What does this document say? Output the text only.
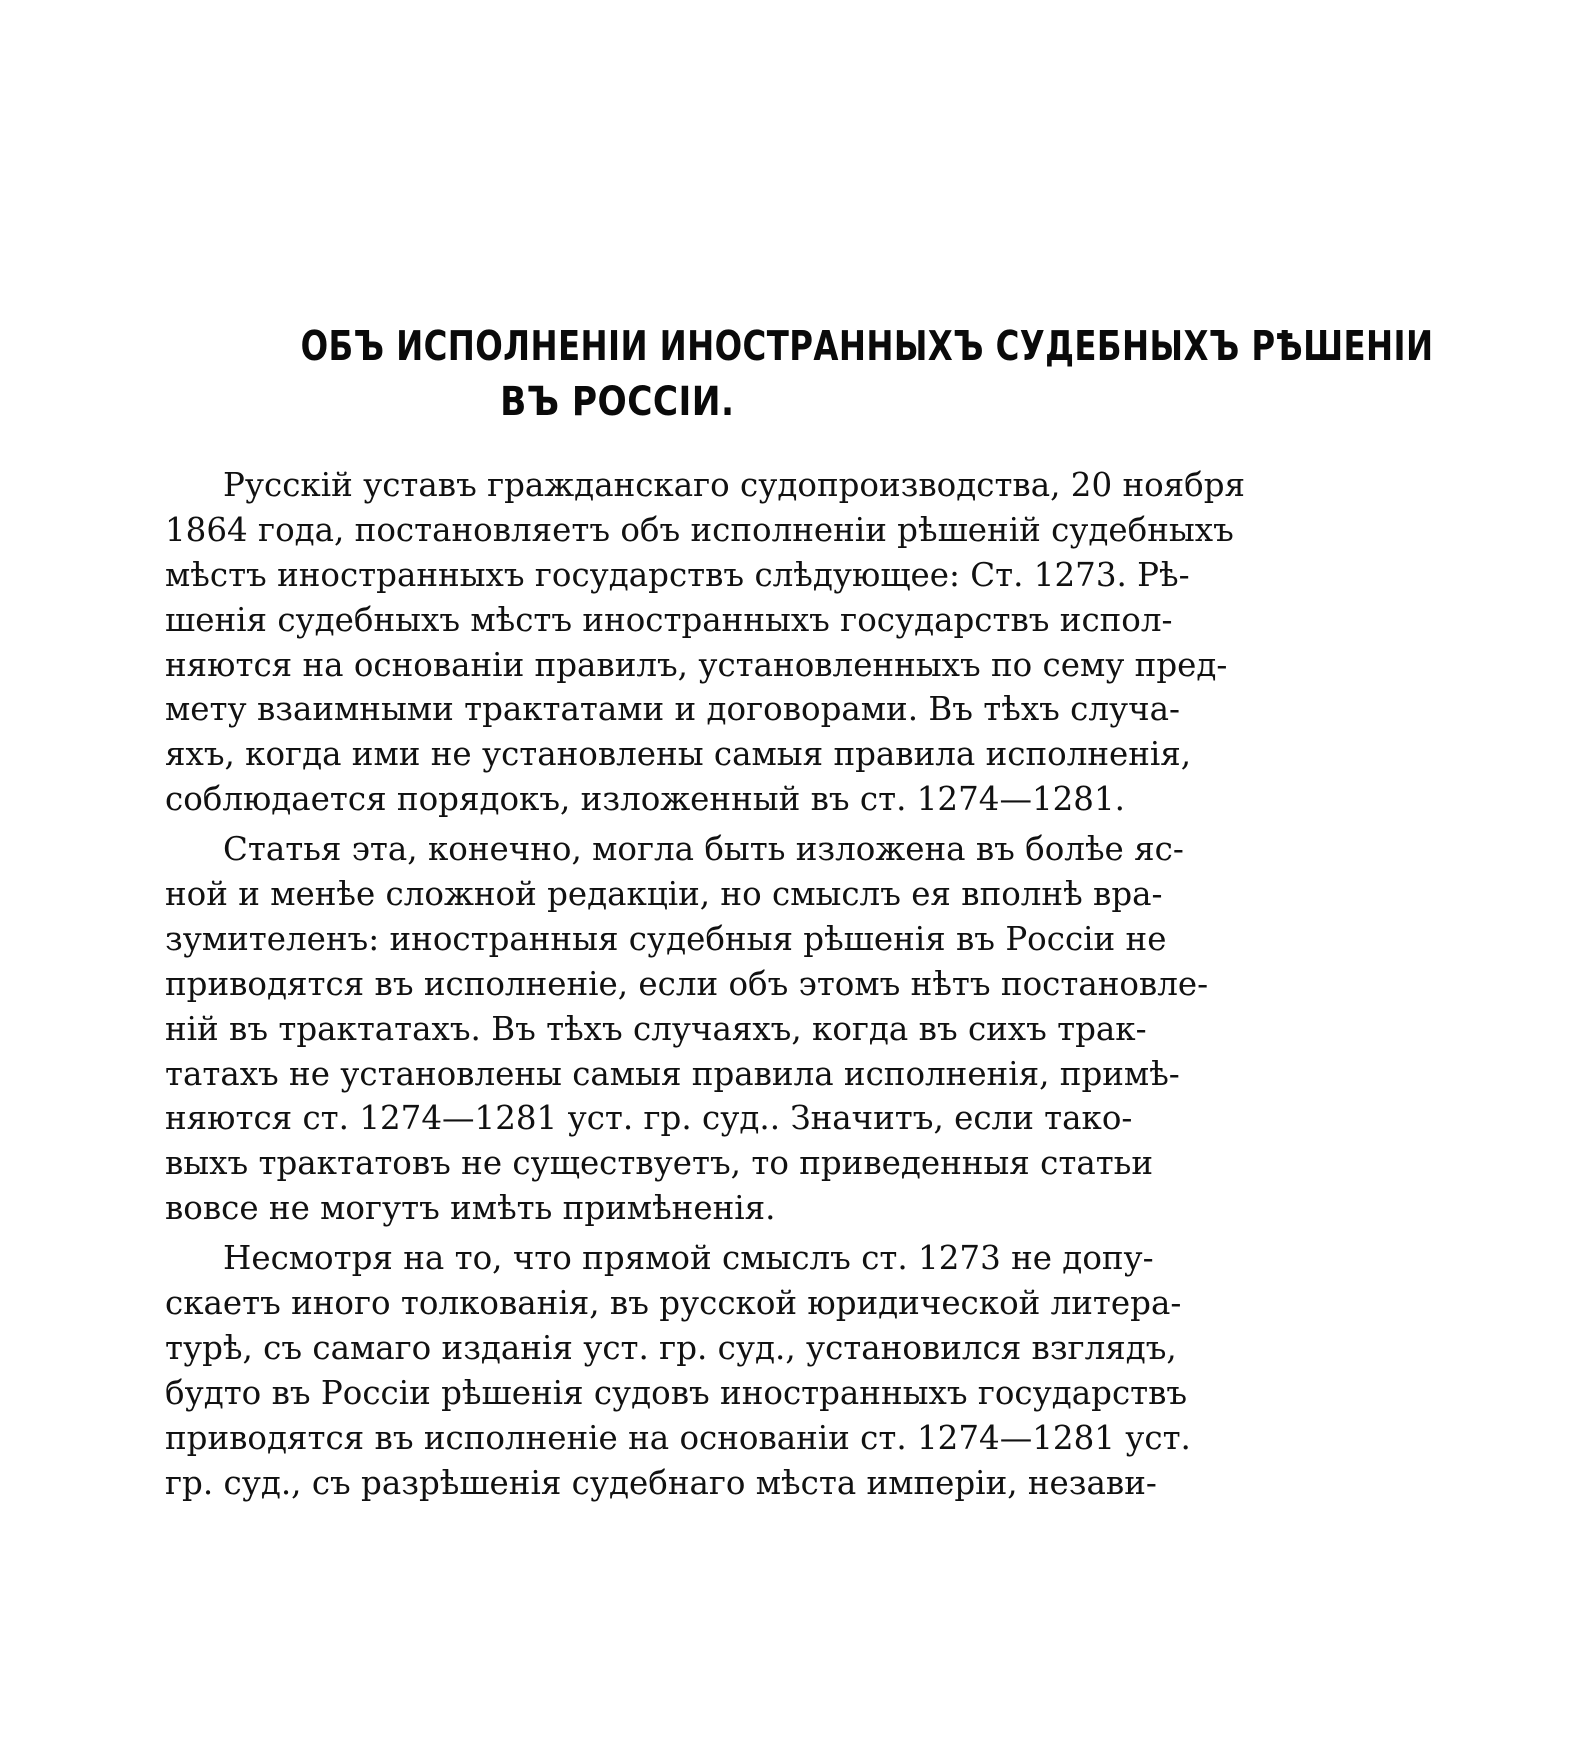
ОБЪ ИСПОЛНЕНІИ ИНОСТРАННЫХЪ СУДЕБНЫХЪ РѢШЕНІИ
ВЪ РОССІИ.
Русскій уставъ гражданскаго судопроизводства, 20 ноября
1864 года, постановляетъ объ исполненіи рѣшеній судебныхъ
мѣстъ иностранныхъ государствъ слѣдующее: Ст. 1273. Рѣ-
шенія судебныхъ мѣстъ иностранныхъ государствъ испол-
няются на основаніи правилъ, установленныхъ по сему пред-
мету взаимными трактатами и договорами. Въ тѣхъ случа-
яхъ, когда ими не установлены самыя правила исполненія,
соблюдается порядокъ, изложенный въ ст. 1274—1281.
Статья эта, конечно, могла быть изложена въ болѣе яс-
ной и менѣе сложной редакціи, но смыслъ ея вполнѣ вра-
зумителенъ: иностранныя судебныя рѣшенія въ Россіи не
приводятся въ исполненіе, если объ этомъ нѣтъ постановле-
ній въ трактатахъ. Въ тѣхъ случаяхъ, когда въ сихъ трак-
татахъ не установлены самыя правила исполненія, примѣ-
няются ст. 1274—1281 уст. гр. суд.. Значитъ, если тако-
выхъ трактатовъ не существуетъ, то приведенныя статьи
вовсе не могутъ имѣть примѣненія.
Несмотря на то, что прямой смыслъ ст. 1273 не допу-
скаетъ иного толкованія, въ русской юридической литера-
турѣ, съ самаго изданія уст. гр. суд., установился взглядъ,
будто въ Россіи рѣшенія судовъ иностранныхъ государствъ
приводятся въ исполненіе на основаніи ст. 1274—1281 уст.
гр. суд., съ разрѣшенія судебнаго мѣста имперіи, незави-
